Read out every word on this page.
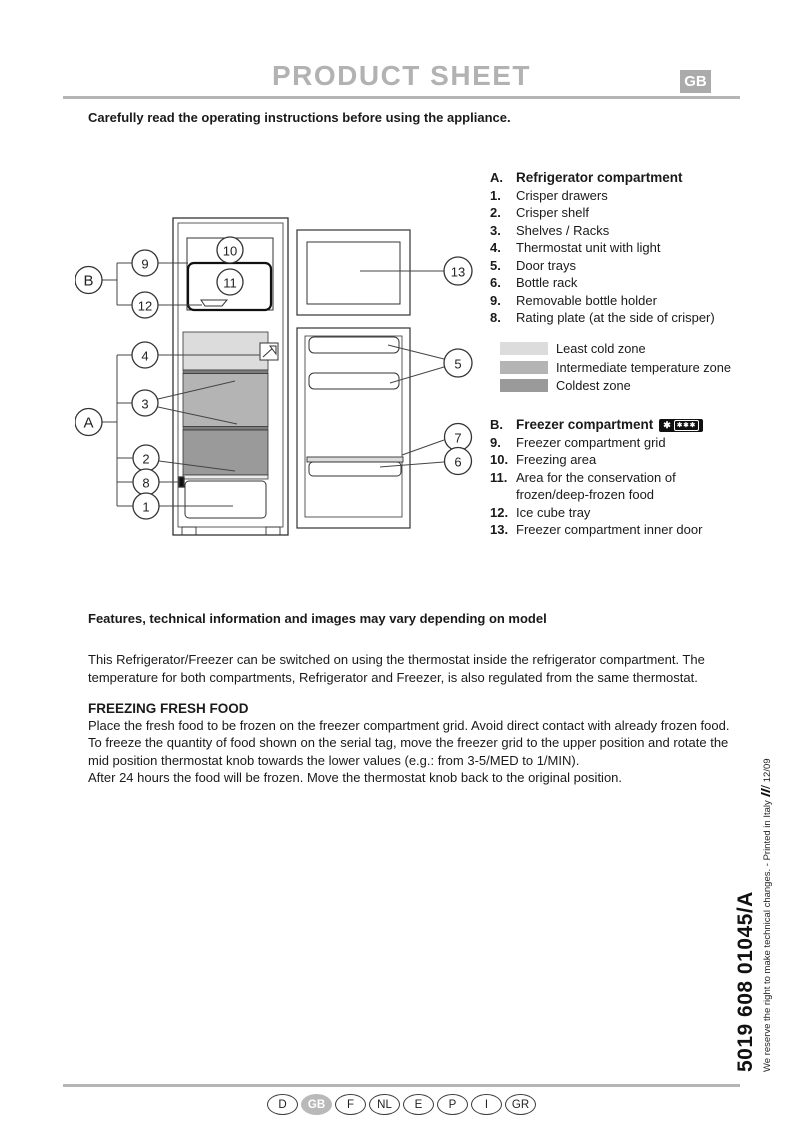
PRODUCT SHEET	GB
Carefully read the operating instructions before using the appliance.
B
9
12
10
11
4
A
3
2
8
1
13
5
7
6
A. Refrigerator compartment
1.	Crisper drawers
2.	Crisper shelf
3.	Shelves / Racks
4.	Thermostat unit with light
5.	Door trays
6.	Bottle rack
9.	Removable bottle holder
8.	Rating plate (at the side of crisper)
Least cold zone
Intermediate temperature zone
Coldest zone
B. Freezer compartment ✱ ✱✱✱
9.	Freezer compartment grid
10. Freezing area
11. Area for the conservation of frozen/deep-frozen food
12. Ice cube tray
13. Freezer compartment inner door

Features, technical information and images may vary depending on model

This Refrigerator/Freezer can be switched on using the thermostat inside the refrigerator compartment. The temperature for both compartments, Refrigerator and Freezer, is also regulated from the same thermostat.

FREEZING FRESH FOOD

Place the fresh food to be frozen on the freezer compartment grid. Avoid direct contact with already frozen food. To freeze the quantity of food shown on the serial tag, move the freezer grid to the upper position and rotate the mid position thermostat knob towards the lower values (e.g.: from 3-5/MED to 1/MIN).

After 24 hours the food will be frozen. Move the thermostat knob back to the original position.

5019 608 01045/A We reserve the right to make technical changes. - Printed in Italy12/09
D	GB	F	NL	E	P	I	GR
